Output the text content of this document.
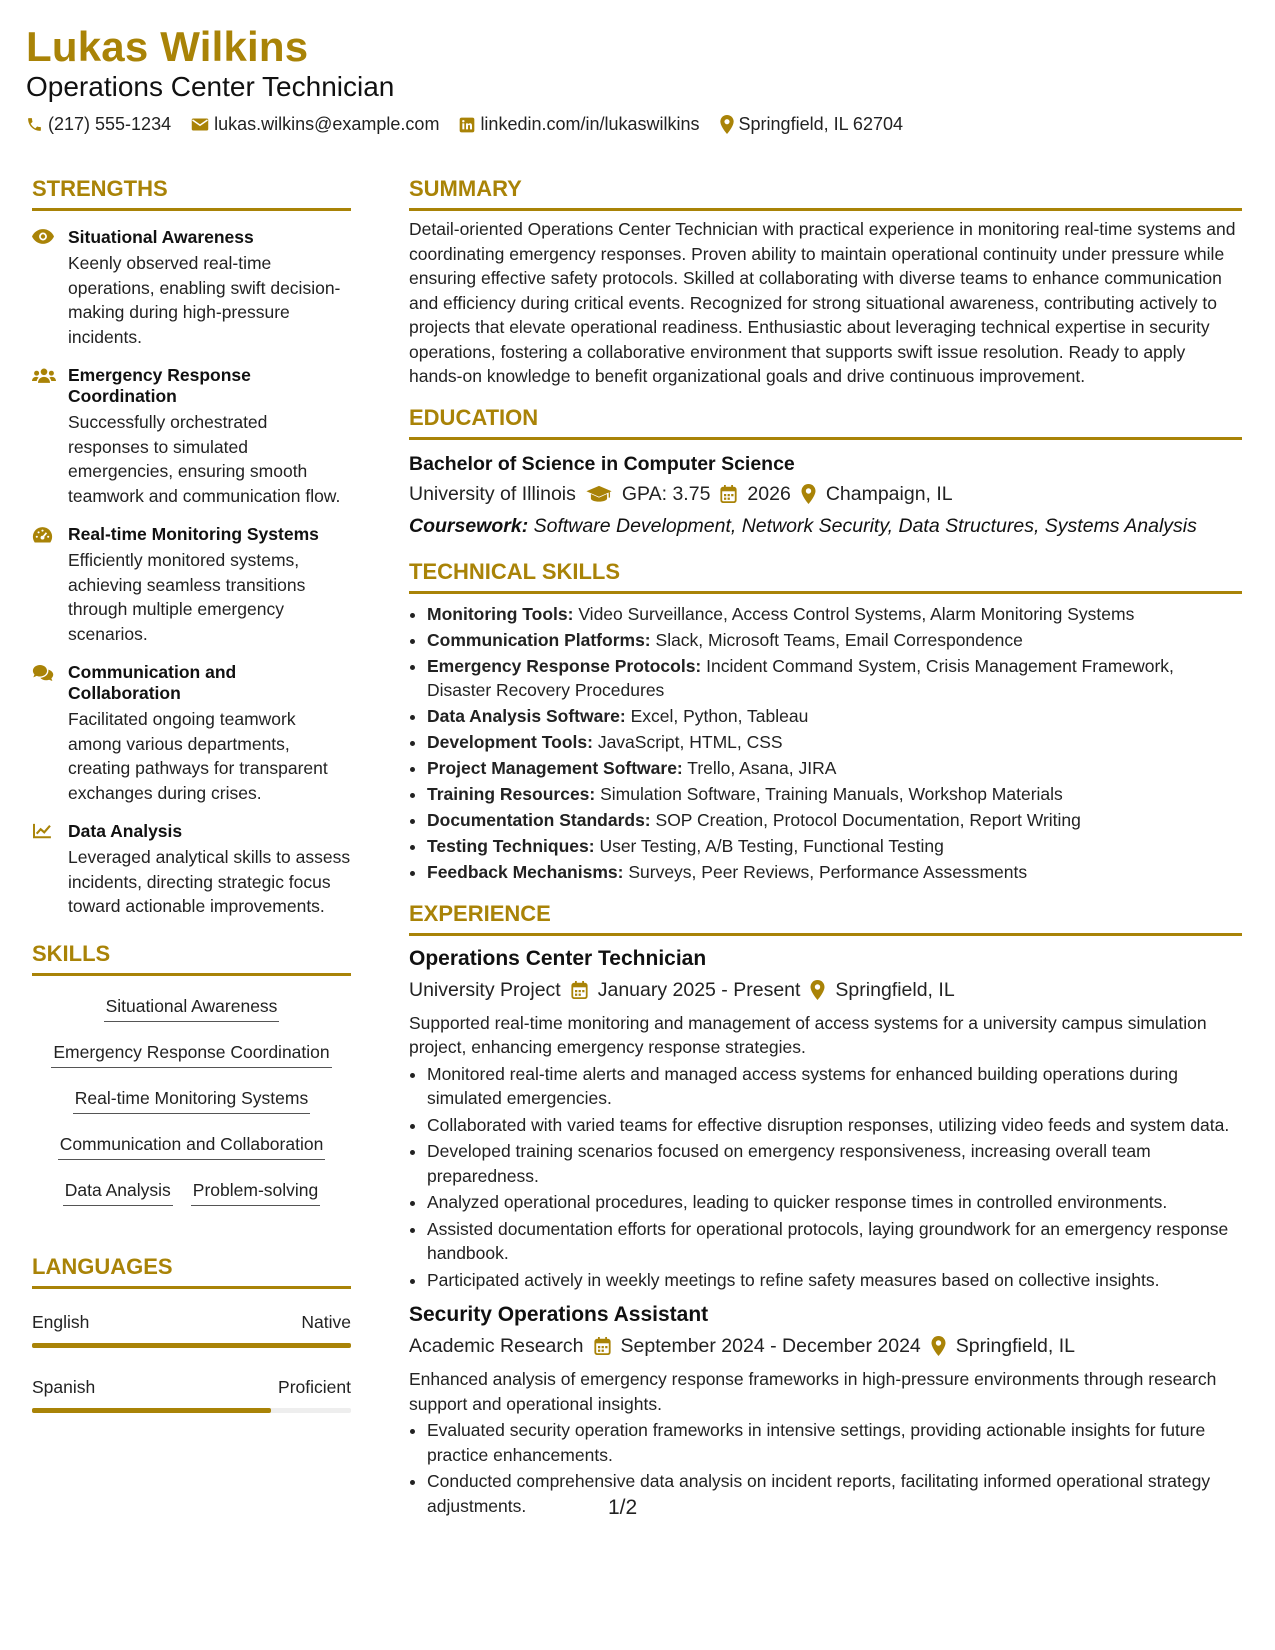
Lukas Wilkins
Operations Center Technician
(217) 555-1234 lukas.wilkins@example.com linkedin.com/in/lukaswilkins Springfield, IL 62704
STRENGTHS
Situational Awareness
Keenly observed real-time operations, enabling swift decision-making during high-pressure incidents.
Emergency Response Coordination
Successfully orchestrated responses to simulated emergencies, ensuring smooth teamwork and communication flow.
Real-time Monitoring Systems
Efficiently monitored systems, achieving seamless transitions through multiple emergency scenarios.
Communication and Collaboration
Facilitated ongoing teamwork among various departments, creating pathways for transparent exchanges during crises.
Data Analysis
Leveraged analytical skills to assess incidents, directing strategic focus toward actionable improvements.
SKILLS
Situational Awareness
Emergency Response Coordination
Real-time Monitoring Systems
Communication and Collaboration
Data Analysis Problem-solving
LANGUAGES
English	Native
Spanish	Proficient
SUMMARY
Detail-oriented Operations Center Technician with practical experience in monitoring real-time systems and coordinating emergency responses. Proven ability to maintain operational continuity under pressure while ensuring effective safety protocols. Skilled at collaborating with diverse teams to enhance communication and efficiency during critical events. Recognized for strong situational awareness, contributing actively to projects that elevate operational readiness. Enthusiastic about leveraging technical expertise in security operations, fostering a collaborative environment that supports swift issue resolution. Ready to apply hands-on knowledge to benefit organizational goals and drive continuous improvement.
EDUCATION
Bachelor of Science in Computer Science
University of Illinois GPA: 3.75 2026 Champaign, IL
Coursework: Software Development, Network Security, Data Structures, Systems Analysis
TECHNICAL SKILLS
• Monitoring Tools: Video Surveillance, Access Control Systems, Alarm Monitoring Systems
• Communication Platforms: Slack, Microsoft Teams, Email Correspondence
• Emergency Response Protocols: Incident Command System, Crisis Management Framework, Disaster Recovery Procedures
• Data Analysis Software: Excel, Python, Tableau
• Development Tools: JavaScript, HTML, CSS
• Project Management Software: Trello, Asana, JIRA
• Training Resources: Simulation Software, Training Manuals, Workshop Materials
• Documentation Standards: SOP Creation, Protocol Documentation, Report Writing
• Testing Techniques: User Testing, A/B Testing, Functional Testing
• Feedback Mechanisms: Surveys, Peer Reviews, Performance Assessments
EXPERIENCE
Operations Center Technician
University Project January 2025 - Present Springfield, IL
Supported real-time monitoring and management of access systems for a university campus simulation project, enhancing emergency response strategies.
• Monitored real-time alerts and managed access systems for enhanced building operations during simulated emergencies.
• Collaborated with varied teams for effective disruption responses, utilizing video feeds and system data.
• Developed training scenarios focused on emergency responsiveness, increasing overall team preparedness.
• Analyzed operational procedures, leading to quicker response times in controlled environments.
• Assisted documentation efforts for operational protocols, laying groundwork for an emergency response handbook.
• Participated actively in weekly meetings to refine safety measures based on collective insights.
Security Operations Assistant
Academic Research September 2024 - December 2024 Springfield, IL
Enhanced analysis of emergency response frameworks in high-pressure environments through research support and operational insights.
• Evaluated security operation frameworks in intensive settings, providing actionable insights for future practice enhancements.
• Conducted comprehensive data analysis on incident reports, facilitating informed operational strategy adjustments.	1/2
